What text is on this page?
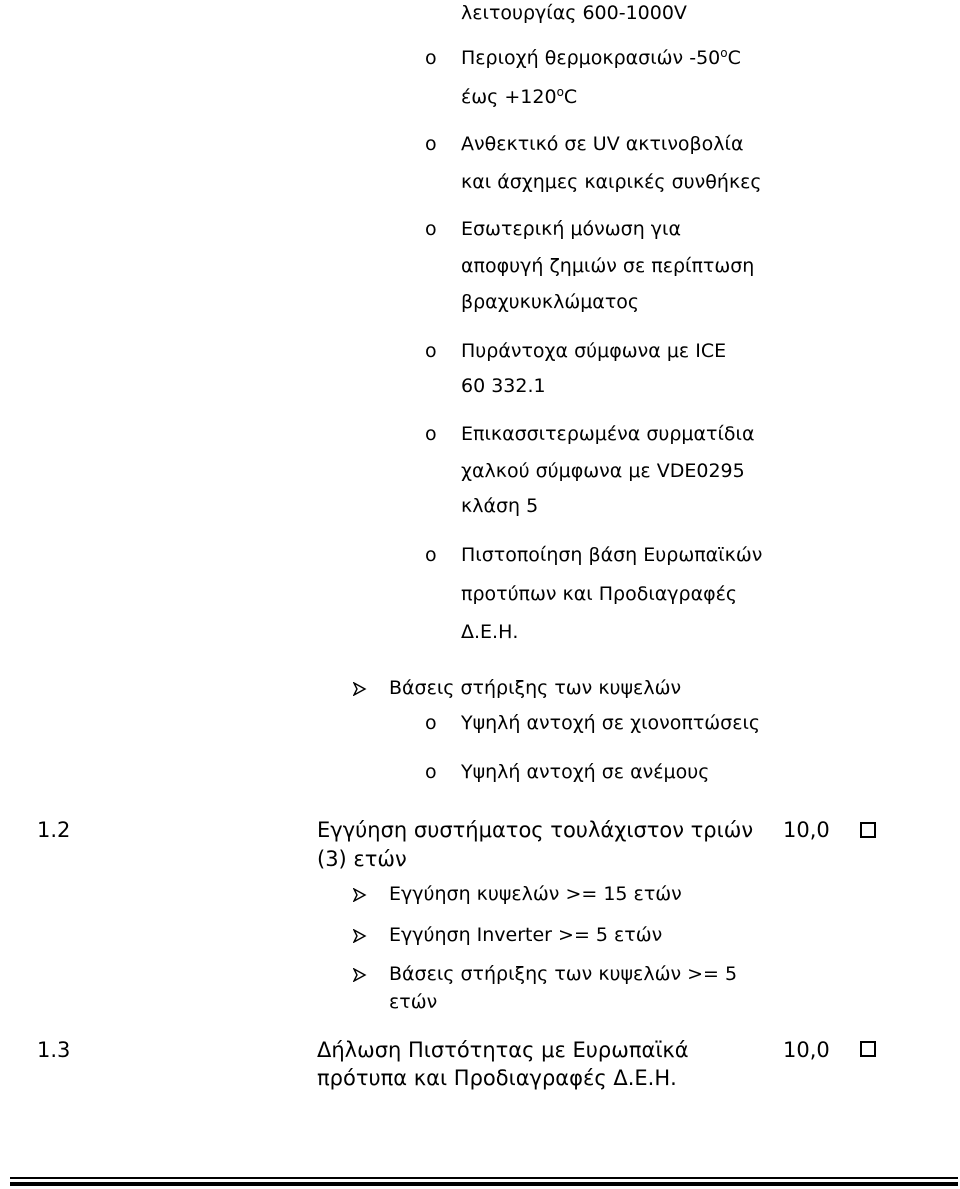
λειτουργίας 600-1000V
o Περιοχή θερμοκρασιών -50$^o$C
$έ\omega\varsigma +120^oC$
o Ανθεκτικό σε UV ακτινοβολία
και άσχημες καιρικές συνθήκες
o Εσωτερική μόνωση για
αποφυγή ζημιών σε περίπτωση
βραχυκυκλώματος
o Πυράντοχα σύμφωνα με ICE
60 332.1
o Επικασσιτερωμένα συρματίδια
χαλκού σύμφωνα με VDE0295
κλάση 5
o Πιστοποίηση βάση Ευρωπαϊκών
προτύπων και Προδιαγραφές
Δ.Ε.Η.
Βάσεις στήριξης των κυψελών
o Υψηλή αντοχή σε χιονοπτώσεις
o Υψηλή αντοχή σε ανέμους
1.2	Εγγύηση συστήματος τουλάχιστον τριών
(3) ετών
10,0
Εγγύηση κυψελών >= 15 ετών
Εγγύηση Inverter >= 5 ετών
Βάσεις στήριξης των κυψελών >= 5
ετών
1.3	Δήλωση Πιστότητας με Ευρωπαϊκά
πρότυπα και Προδιαγραφές Δ.Ε.Η.
10,0
